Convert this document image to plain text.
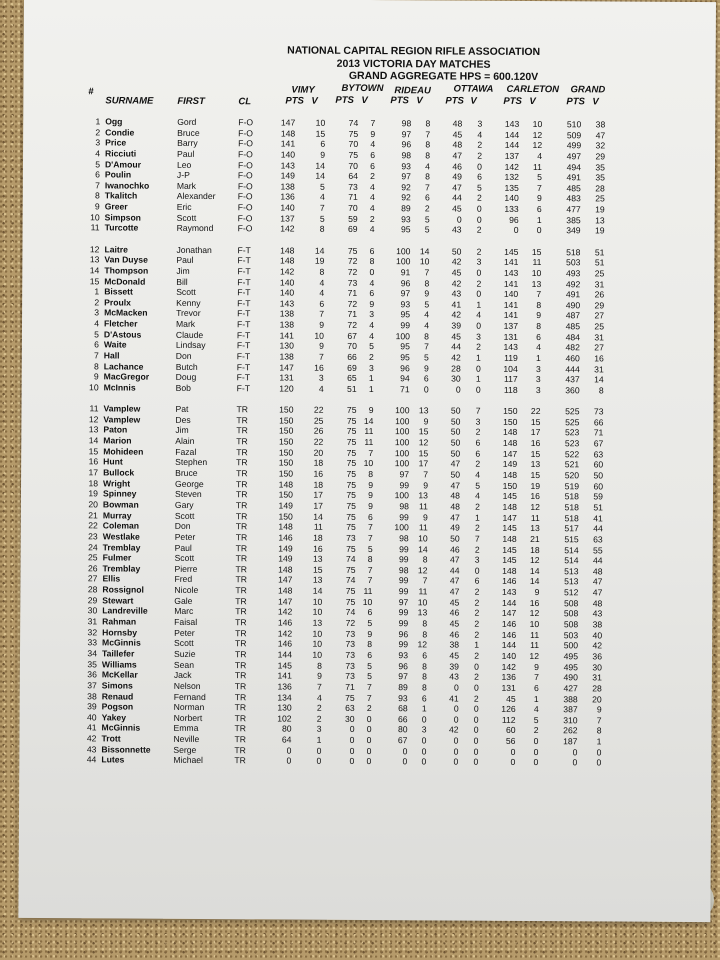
NATIONAL CAPITAL REGION RIFLE ASSOCIATION
2013 VICTORIA DAY MATCHES
GRAND AGGREGATE HPS = 600.120V
#
SURNAME	FIRST	CL
VIMY	BYTOWN RIDEAU OTTAWA CARLETON GRAND
PTS V PTS V PTS V PTS V	PTS V	PTS V
1 Ogg	Gord	F-O	147 10	74 7	98 8	48 3	143 10	510 38
2 Condie	Bruce	F-O	148 15	75 9	97 7	45 4	144 12	509 47
3 Price	Barry	F-O	141	6	70 4	96 8	48 2	144 12	499 32
4 Ricciuti	Paul	F-O	140	9	75 6	98 8	47 2	137 4	497 29
5 D'Amour	Leo	F-O	143 14	70 6	93 4	46 0	142 11	494 35
6 Poulin	J-P	F-O	149 14	64 2	97 8	49 6	132 5	491 35
7 Iwanochko	Mark	F-O	138	5	73 4	92 7	47 5	135 7	485 28
8 Tkalitch	Alexander	F-O	136	4	71 4	92 6	44 2	140 9	483 25
9 Greer	Eric	F-O	140	7	70 4	89 2	45 0	133 6	477 19
10 Simpson	Scott	F-O	137	5	59 2	93 5	0 0	96 1	385 13
11 Turcotte	Raymond	F-O	142	8	69 4	95 5	43 2	0 0	349 19
12 Laitre	Jonathan	F-T	148 14	75 6	100 14	50 2	145 15	518 51
13 Van Duyse	Paul	F-T	148 19	72 8	100 10	42 3	141 11	503 51
14 Thompson	Jim	F-T	142	8	72 0	91 7	45 0	143 10	493 25
15 McDonald	Bill	F-T	140	4	73 4	96 8	42 2	141 13	492 31
1 Bissett	Scott	F-T	140	4	71 6	97 9	43 0	140 7	491 26
2 Proulx	Kenny	F-T	143	6	72 9	93 5	41 1	141 8	490 29
3 McMacken	Trevor	F-T	138	7	71 3	95 4	42 4	141 9	487 27
4 Fletcher	Mark	F-T	138	9	72 4	99 4	39 0	137 8	485 25
5 D'Astous	Claude	F-T	141 10	67 4	100 8	45 3	131 6	484 31
6 Waite	Lindsay	F-T	130	9	70 5	95 7	44 2	143 4	482 27
7 Hall	Don	F-T	138	7	66 2	95 5	42 1	119 1	460 16
8 Lachance	Butch	F-T	147 16	69 3	96 9	28 0	104 3	444 31
9 MacGregor	Doug	F-T	131	3	65 1	94 6	30 1	117 3	437 14
10 McInnis	Bob	F-T	120	4	51 1	71 0	0 0	118 3	360 8
11 Vamplew	Pat	TR	150 22	75 9	100 13	50 7	150 22	525 73
12 Vamplew	Des	TR	150 25	75 14	100 9	50 3	150 15	525 66
13 Paton	Jim	TR	150 26	75 11	100 15	50 2	148 17	523 71
14 Marion	Alain	TR	150 22	75 11	100 12	50 6	148 16	523 67
15 Mohideen	Fazal	TR	150 20	75 7	100 15	50 6	147 15	522 63
16 Hunt	Stephen	TR	150 18	75 10	100 17	47 2	149 13	521 60
17 Bullock	Bruce	TR	150 16	75 8	97 7	50 4	148 15	520 50
18 Wright	George	TR	148 18	75 9	99 9	47 5	150 19	519 60
19 Spinney	Steven	TR	150 17	75 9	100 13	48 4	145 16	518 59
20 Bowman	Gary	TR	149 17	75 9	98 11	48 2	148 12	518 51
21 Murray	Scott	TR	150 14	75 6	99 9	47 1	147 11	518 41
22 Coleman	Don	TR	148 11	75 7	100 11	49 2	145 13	517 44
23 Westlake	Peter	TR	146 18	73 7	98 10	50 7	148 21	515 63
24 Tremblay	Paul	TR	149 16	75 5	99 14	46 2	145 18	514 55
25 Fulmer	Scott	TR	149 13	74 8	99 8	47 3	145 12	514 44
26 Tremblay	Pierre	TR	148 15	75 7	98 12	44 0	148 14	513 48
27 Ellis	Fred	TR	147 13	74 7	99 7	47 6	146 14	513 47
28 Rossignol	Nicole	TR	148 14	75 11	99 11	47 2	143 9	512 47
29 Stewart	Gale	TR	147 10	75 10	97 10	45 2	144 16	508 48
30 Landreville	Marc	TR	142 10	74 6	99 13	46 2	147 12	508 43
31 Rahman	Faisal	TR	146 13	72 5	99 8	45 2	146 10	508 38
32 Hornsby	Peter	TR	142 10	73 9	96 8	46 2	146 11	503 40
33 McGinnis	Scott	TR	146 10	73 8	99 12	38 1	144 11	500 42
34 Taillefer	Suzie	TR	144 10	73 6	93 6	45 2	140 12	495 36
35 Williams	Sean	TR	145	8	73 5	96 8	39 0	142 9	495 30
36 McKellar	Jack	TR	141	9	73 5	97 8	43 2	136 7	490 31
37 Simons	Nelson	TR	136	7	71 7	89 8	0 0	131 6	427 28
38 Renaud	Fernand	TR	134	4	75 7	93 6	41 2	45 1	388 20
39 Pogson	Norman	TR	130	2	63 2	68 1	0 0	126 4	387 9
40 Yakey	Norbert	TR	102	2	30 0	66 0	0 0	112 5	310 7
41 McGinnis	Emma	TR	80	3	0 0	80 3	42 0	60 2	262 8
42 Trott	Neville	TR	64	1	0 0	67 0	0 0	56 0	187 1
43 Bissonnette	Serge	TR	0	0	0 0	0 0	0 0	0 0	0 0
44 Lutes	Michael	TR	0	0	0 0	0 0	0 0	0 0	0 0
